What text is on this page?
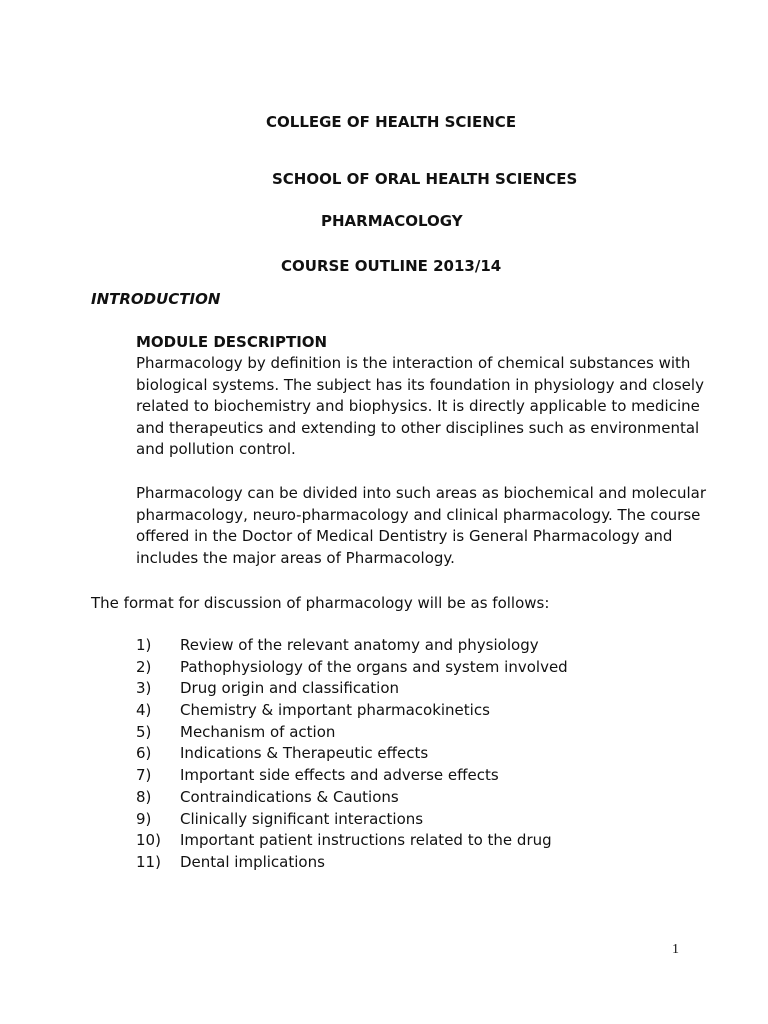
COLLEGE OF HEALTH SCIENCE
SCHOOL OF ORAL HEALTH SCIENCES
PHARMACOLOGY
COURSE OUTLINE 2013/14
INTRODUCTION
MODULE DESCRIPTION
Pharmacology by definition is the interaction of chemical substances with
biological systems. The subject has its foundation in physiology and closely
related to biochemistry and biophysics. It is directly applicable to medicine
and therapeutics and extending to other disciplines such as environmental
and pollution control.
Pharmacology can be divided into such areas as biochemical and molecular
pharmacology, neuro-pharmacology and clinical pharmacology. The course
offered in the Doctor of Medical Dentistry is General Pharmacology and
includes the major areas of Pharmacology.
The format for discussion of pharmacology will be as follows:
1)	Review of the relevant anatomy and physiology
2)	Pathophysiology of the organs and system involved
3)	Drug origin and classification
4)	Chemistry & important pharmacokinetics
5)	Mechanism of action
6)	Indications & Therapeutic effects
7)	Important side effects and adverse effects
8)	Contraindications & Cautions
9)	Clinically significant interactions
10)	Important patient instructions related to the drug
11)	Dental implications
1
